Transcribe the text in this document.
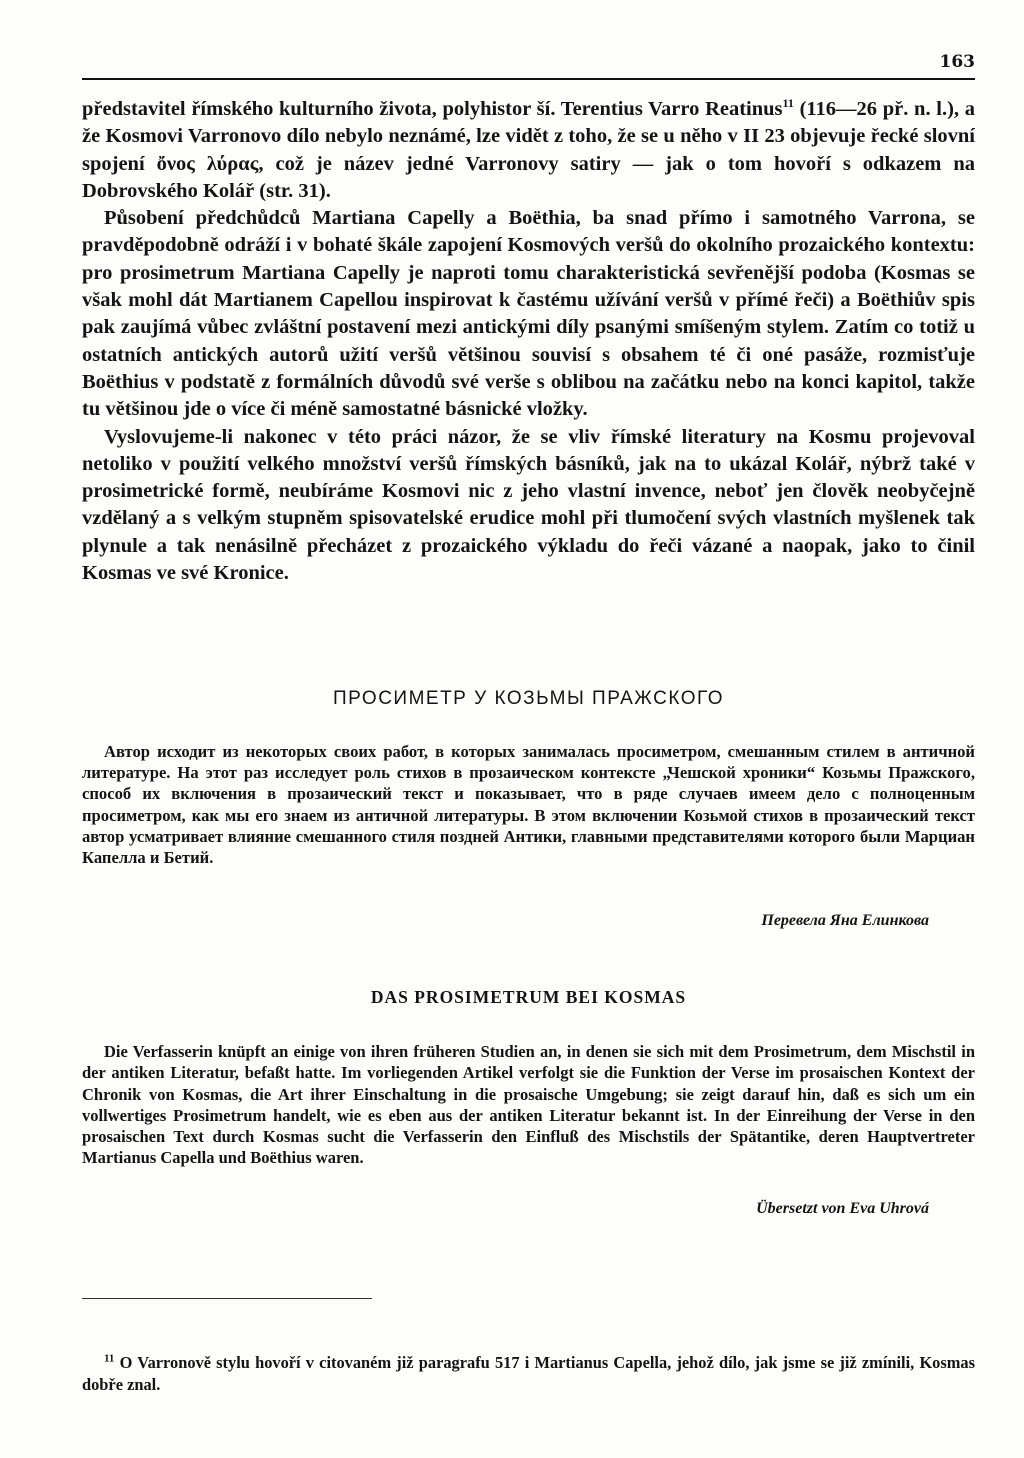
163

představitel římského kulturního života, polyhistor ší. Terentius Varro Reatinus$^{11}$ (116—26 př. n. l.), a že Kosmovi Varronovo dílo nebylo neznámé, lze vidět z toho, že se u něho v II 23 objevuje řecké slovní spojení ὄνος λύρας, což je název jedné Varronovy satiry — jak o tom hovoří s odkazem na Dobrovského Kolář (str. 31).

Působení předchůdců Martiana Capelly a Boëthia, ba snad přímo i samotného Varrona, se pravděpodobně odráží i v bohaté škále zapojení Kosmových veršů do okolního prozaického kontextu: pro prosimetrum Martiana Capelly je naproti tomu charakteristická sevřenější podoba (Kosmas se však mohl dát Martianem Capellou inspirovat k častému užívání veršů v přímé řeči) a Boëthiův spis pak zaujímá vůbec zvláštní postavení mezi antickými díly psanými smíšeným stylem. Zatím co totiž u ostatních antických autorů užití veršů většinou souvisí s obsahem té či oné pasáže, rozmisťuje Boëthius v podstatě z formálních důvodů své verše s oblibou na začátku nebo na konci kapitol, takže tu většinou jde o více či méně samostatné básnické vložky.

Vyslovujeme-li nakonec v této práci názor, že se vliv římské literatury na Kosmu projevoval netoliko v použití velkého množství veršů římských básníků, jak na to ukázal Kolář, nýbrž také v prosimetrické formě, neubíráme Kosmovi nic z jeho vlastní invence, neboť jen člověk neobyčejně vzdělaný a s velkým stupněm spisovatelské erudice mohl při tlumočení svých vlastních myšlenek tak plynule a tak nenásilně přecházet z prozaického výkladu do řeči vázané a naopak, jako to činil Kosmas ve své Kronice.

ПРОСИМЕТР У КОЗЬМЫ ПРАЖСКОГО

Автор исходит из некоторых своих работ, в которых занималась просиметром, смешанным стилем в античной литературе. На этот раз исследует роль стихов в прозаическом контексте „Чешской хроники“ Козьмы Пражского, способ их включения в прозаический текст и показывает, что в ряде случаев имеем дело с полноценным просиметром, как мы его знаем из античной литературы. В этом включении Козьмой стихов в прозаический текст автор усматривает влияние смешанного стиля поздней Антики, главными представителями которого были Марциан Капелла и Бетий.

Перевела Яна Елинкова
DAS PROSIMETRUM BEI KOSMAS

Die Verfasserin knüpft an einige von ihren früheren Studien an, in denen sie sich mit dem Prosimetrum, dem Mischstil in der antiken Literatur, befaßt hatte. Im vorliegenden Artikel verfolgt sie die Funktion der Verse im prosaischen Kontext der Chronik von Kosmas, die Art ihrer Einschaltung in die prosaische Umgebung; sie zeigt darauf hin, daß es sich um ein vollwertiges Prosimetrum handelt, wie es eben aus der antiken Literatur bekannt ist. In der Einreihung der Verse in den prosaischen Text durch Kosmas sucht die Verfasserin den Einfluß des Mischstils der Spätantike, deren Hauptvertreter Martianus Capella und Boëthius waren.

Übersetzt von Eva Uhrová

$^{11}$ O Varronově stylu hovoří v citovaném již paragrafu 517 i Martianus Capella, jehož dílo, jak jsme se již zmínili, Kosmas dobře znal.
